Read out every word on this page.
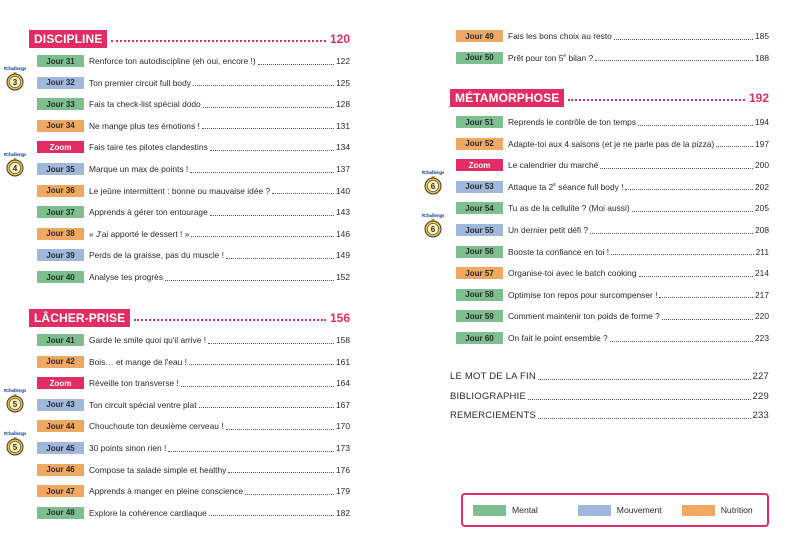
DISCIPLINE	120
Jour 31	Renforce ton autodiscipline (eh oui, encore !)	122
Jour 32	Ton premier circuit full body	125
#Challenge
3
Jour 33	Fais ta check-list spécial dodo	128
Jour 34	Ne mange plus tes émotions !	131
Zoom	Fais taire tes pilotes clandestins	134
Jour 35	Marque un max de points !	137
#Challenge
4
Jour 36	Le jeûne intermittent : bonne ou mauvaise idée ?	140
Jour 37	Apprends à gérer ton entourage	143
Jour 38	« J'ai apporté le dessert ! »	146
Jour 39	Perds de la graisse, pas du muscle !	149
Jour 40	Analyse tes progrès	152
LÂCHER-PRISE	156
Jour 41	Garde le smile quoi qu'il arrive !	158
Jour 42	Bois… et mange de l'eau !	161
Zoom	Réveille ton transverse !	164
Jour 43	Ton circuit spécial ventre plat	167
#Challenge
5
Jour 44	Chouchoute ton deuxième cerveau !	170
Jour 45	30 points sinon rien !	173
#Challenge
5
Jour 46	Compose ta salade simple et healthy	176
Jour 47	Apprends à manger en pleine conscience	179
Jour 48	Explore la cohérence cardiaque	182
Jour 49	Fais les bons choix au resto	185
Jour 50	Prêt pour ton 5e bilan ?	188
MÉTAMORPHOSE	192
Jour 51	Reprends le contrôle de ton temps	194
Jour 52	Adapte-toi aux 4 saisons (et je ne parle pas de la pizza)	197
Zoom	Le calendrier du marché	200
Jour 53	Attaque ta 2e séance full body !	202
#Challenge
6
Jour 54	Tu as de la cellulite ? (Moi aussi)	205
Jour 55	Un dernier petit défi ?	208
#Challenge
6
Jour 56	Booste ta confiance en toi !	211
Jour 57	Organise-toi avec le batch cooking	214
Jour 58	Optimise ton repos pour surcompenser !	217
Jour 59	Comment maintenir ton poids de forme ?	220
Jour 60	On fait le point ensemble ?	223
LE MOT DE LA FIN	227
BIBLIOGRAPHIE	229
REMERCIEMENTS	233
Mental	Mouvement	Nutrition
